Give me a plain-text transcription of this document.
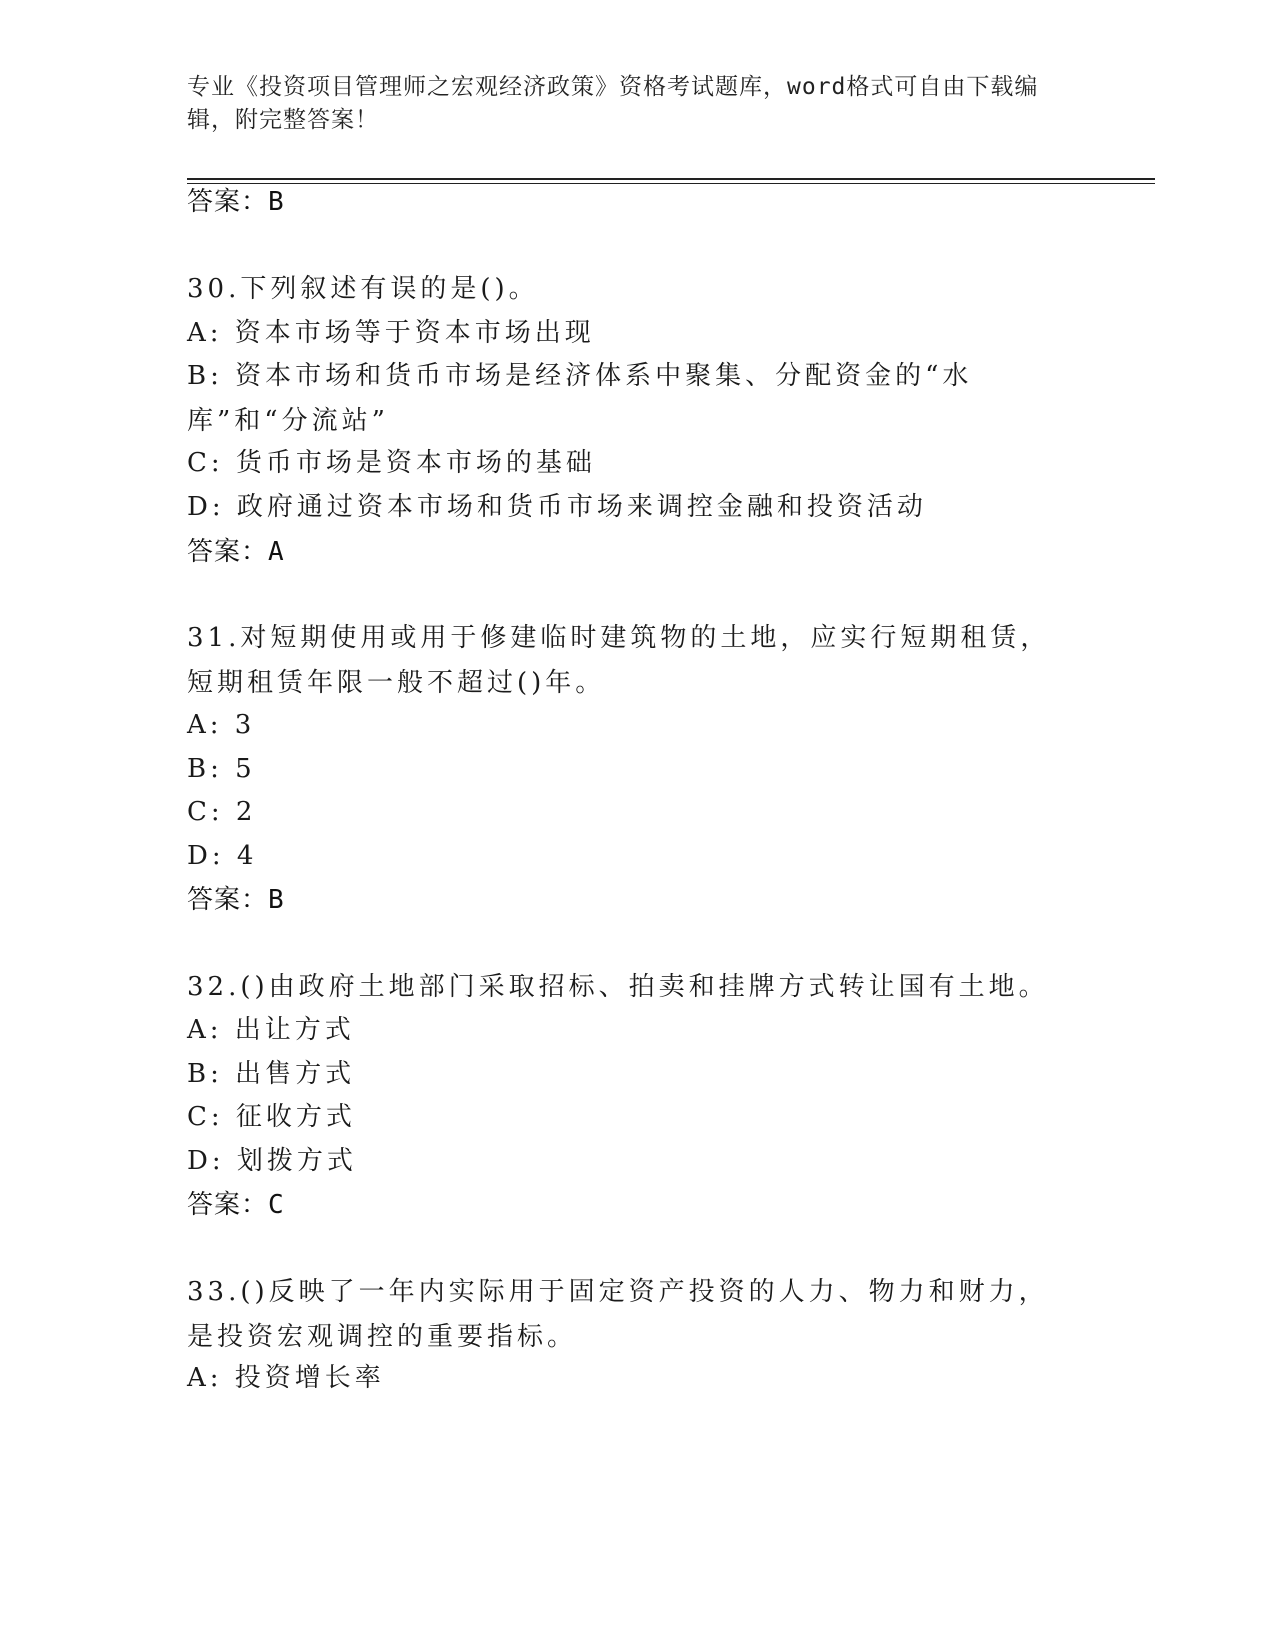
专业《投资项目管理师之宏观经济政策》资格考试题库，word格式可自由下载编辑，附完整答案！
答案：B
30.下列叙述有误的是()。
A: 资本市场等于资本市场出现
B: 资本市场和货币市场是经济体系中聚集、分配资金的“水库”和“分流站”
C: 货币市场是资本市场的基础
D: 政府通过资本市场和货币市场来调控金融和投资活动
答案：A
31.对短期使用或用于修建临时建筑物的土地，应实行短期租赁，短期租赁年限一般不超过()年。
A: 3
B: 5
C: 2
D: 4
答案：B
32.()由政府土地部门采取招标、拍卖和挂牌方式转让国有土地。
A: 出让方式
B: 出售方式
C: 征收方式
D: 划拨方式
答案：C
33.()反映了一年内实际用于固定资产投资的人力、物力和财力，是投资宏观调控的重要指标。
A: 投资增长率
